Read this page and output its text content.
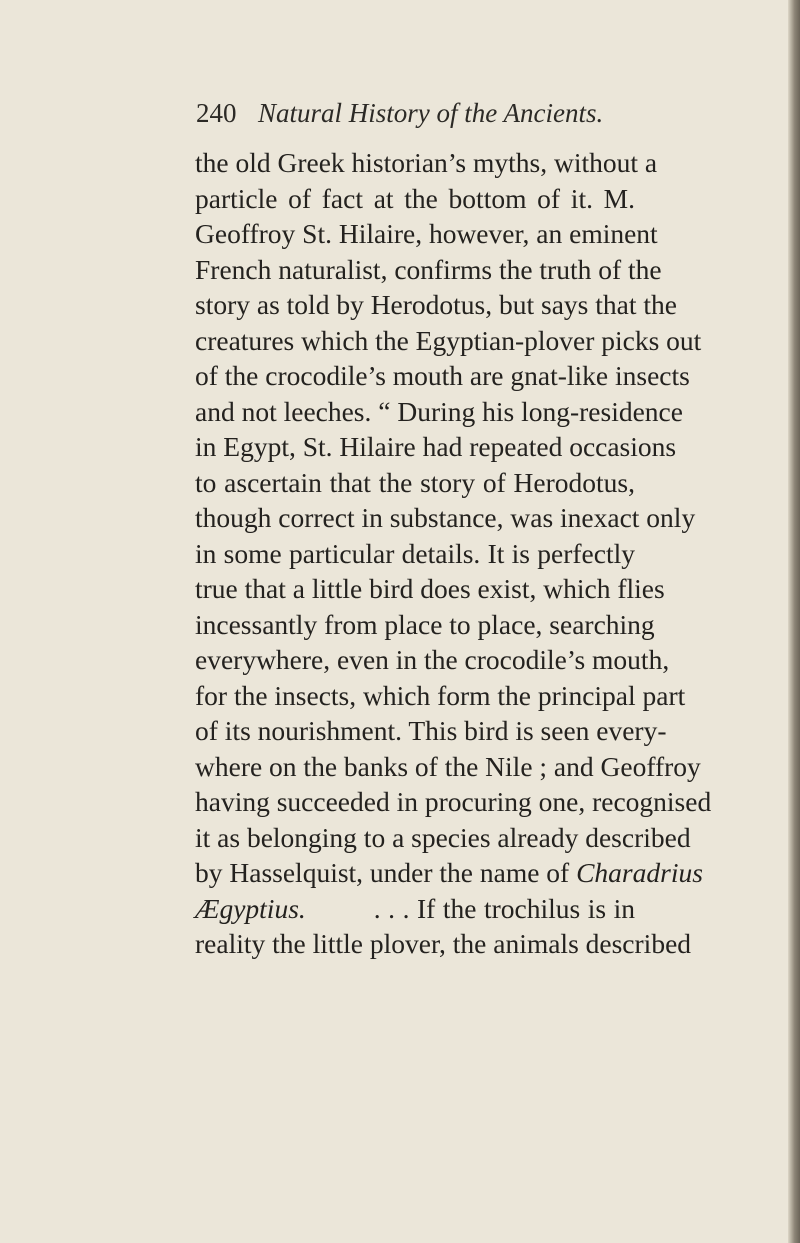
240 Natural History of the Ancients.
the old Greek historian’s myths, without a
particle of fact at the bottom of it. M.
Geoffroy St. Hilaire, however, an eminent
French naturalist, confirms the truth of the
story as told by Herodotus, but says that the
creatures which the Egyptian-plover picks out
of the crocodile’s mouth are gnat-like insects
and not leeches. “ During his long-residence
in Egypt, St. Hilaire had repeated occasions
to ascertain that the story of Herodotus,
though correct in substance, was inexact only
in some particular details. It is perfectly
true that a little bird does exist, which flies
incessantly from place to place, searching
everywhere, even in the crocodile’s mouth,
for the insects, which form the principal part
of its nourishment. This bird is seen every-
where on the banks of the Nile ; and Geoffroy
having succeeded in procuring one, recognised
it as belonging to a species already described
by Hasselquist, under the name of Charadrius
Ægyptius. . . . If the trochilus is in
reality the little plover, the animals described
